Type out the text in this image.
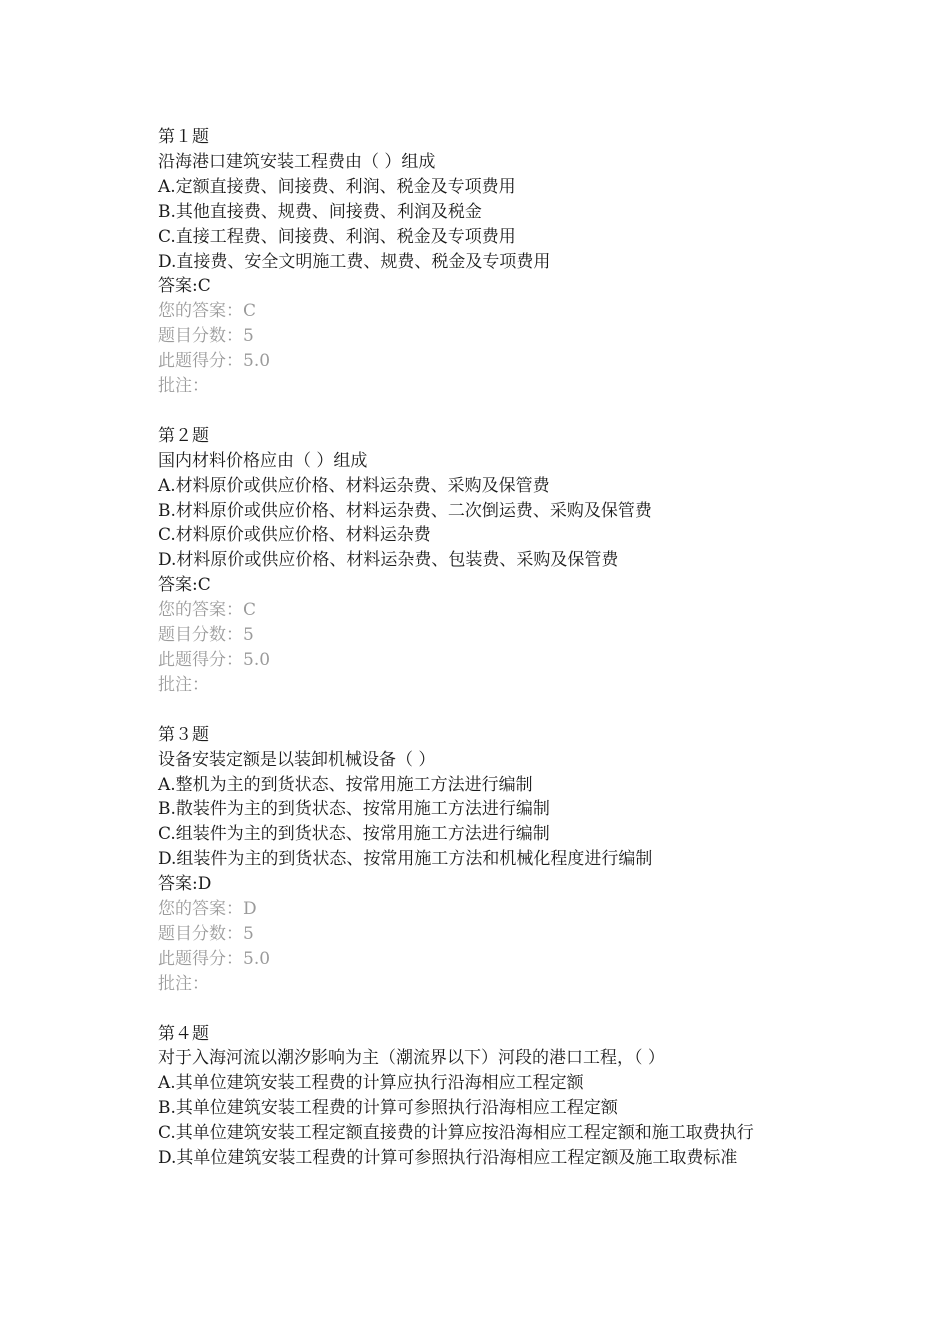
第１题
沿海港口建筑安装工程费由（ ）组成
A.定额直接费、间接费、利润、税金及专项费用
B.其他直接费、规费、间接费、利润及税金
C.直接工程费、间接费、利润、税金及专项费用
D.直接费、安全文明施工费、规费、税金及专项费用
答案:C
您的答案：C
题目分数：5
此题得分：5.0
批注：
第２题
国内材料价格应由（ ）组成
A.材料原价或供应价格、材料运杂费、采购及保管费
B.材料原价或供应价格、材料运杂费、二次倒运费、采购及保管费
C.材料原价或供应价格、材料运杂费
D.材料原价或供应价格、材料运杂费、包装费、采购及保管费
答案:C
您的答案：C
题目分数：5
此题得分：5.0
批注：
第３题
设备安装定额是以装卸机械设备（ ）
A.整机为主的到货状态、按常用施工方法进行编制
B.散装件为主的到货状态、按常用施工方法进行编制
C.组装件为主的到货状态、按常用施工方法进行编制
D.组装件为主的到货状态、按常用施工方法和机械化程度进行编制
答案:D
您的答案：D
题目分数：5
此题得分：5.0
批注：
第４题
对于入海河流以潮汐影响为主（潮流界以下）河段的港口工程，（ ）
A.其单位建筑安装工程费的计算应执行沿海相应工程定额
B.其单位建筑安装工程费的计算可参照执行沿海相应工程定额
C.其单位建筑安装工程定额直接费的计算应按沿海相应工程定额和施工取费执行
D.其单位建筑安装工程费的计算可参照执行沿海相应工程定额及施工取费标准
